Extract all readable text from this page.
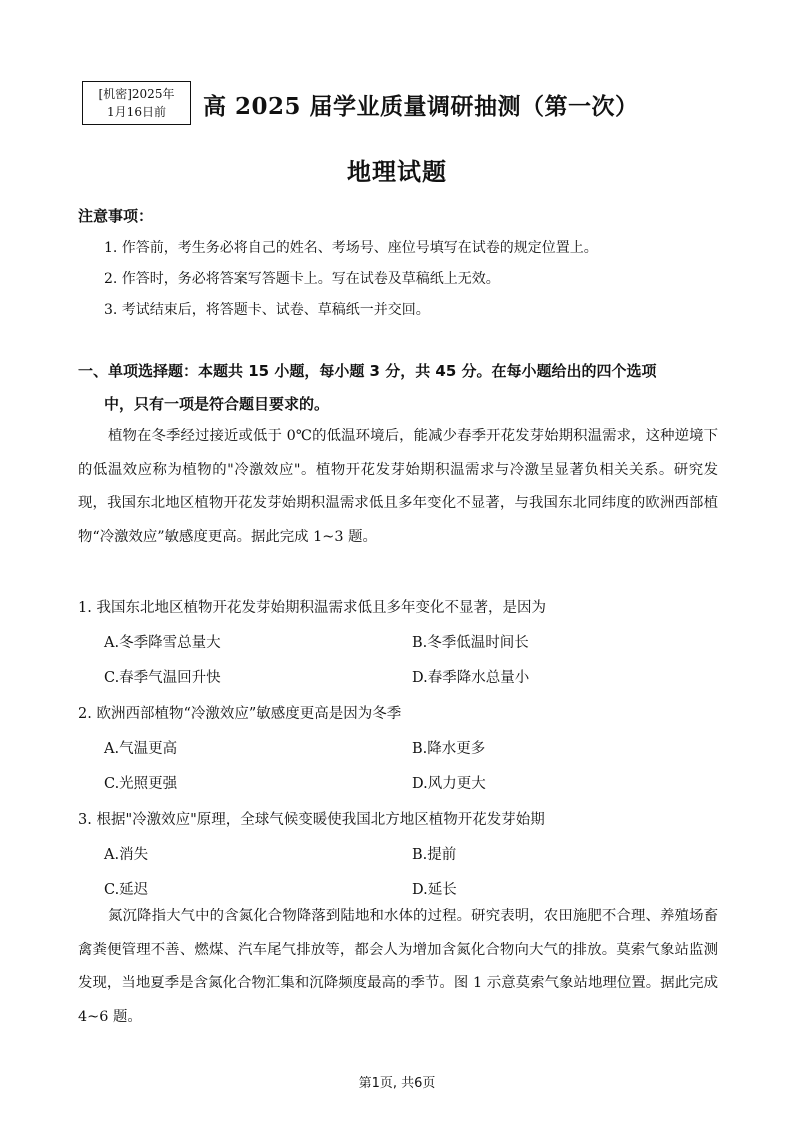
[机密]2025年
1月16日前	高 2025 届学业质量调研抽测（第一次）
地理试题
注意事项：
1. 作答前，考生务必将自己的姓名、考场号、座位号填写在试卷的规定位置上。
2. 作答时，务必将答案写答题卡上。写在试卷及草稿纸上无效。
3. 考试结束后，将答题卡、试卷、草稿纸一并交回。
一、单项选择题：本题共 15 小题，每小题 3 分，共 45 分。在每小题给出的四个选项
中，只有一项是符合题目要求的。
植物在冬季经过接近或低于 0℃的低温环境后，能减少春季开花发芽始期积温需求，这种逆境下的低温效应称为植物的"冷激效应"。植物开花发芽始期积温需求与冷激呈显著负相关关系。研究发现，我国东北地区植物开花发芽始期积温需求低且多年变化不显著，与我国东北同纬度的欧洲西部植物“冷激效应”敏感度更高。据此完成 1~3 题。
1. 我国东北地区植物开花发芽始期积温需求低且多年变化不显著，是因为
A.冬季降雪总量大	B.冬季低温时间长
C.春季气温回升快	D.春季降水总量小
2. 欧洲西部植物“冷激效应”敏感度更高是因为冬季
A.气温更高	B.降水更多
C.光照更强	D.风力更大
3. 根据"冷激效应"原理，全球气候变暖使我国北方地区植物开花发芽始期
A.消失	B.提前
C.延迟	D.延长
氮沉降指大气中的含氮化合物降落到陆地和水体的过程。研究表明，农田施肥不合理、养殖场畜禽粪便管理不善、燃煤、汽车尾气排放等，都会人为增加含氮化合物向大气的排放。莫索气象站监测发现，当地夏季是含氮化合物汇集和沉降频度最高的季节。图 1 示意莫索气象站地理位置。据此完成 4~6 题。
第1页, 共6页
